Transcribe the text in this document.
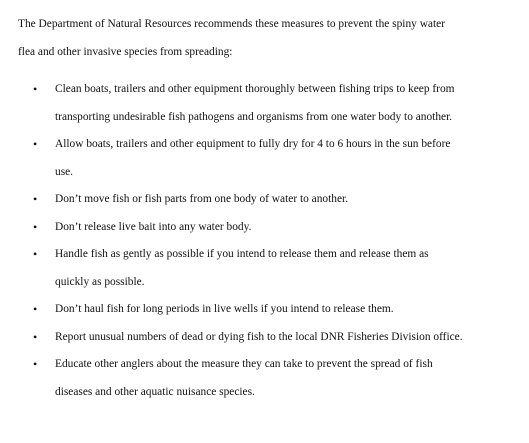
The Department of Natural Resources recommends these measures to prevent the spiny water
flea and other invasive species from spreading:

• Clean boats, trailers and other equipment thoroughly between fishing trips to keep from
transporting undesirable fish pathogens and organisms from one water body to another.
• Allow boats, trailers and other equipment to fully dry for 4 to 6 hours in the sun before
use.
• Don’t move fish or fish parts from one body of water to another.
• Don’t release live bait into any water body.
• Handle fish as gently as possible if you intend to release them and release them as
quickly as possible.
• Don’t haul fish for long periods in live wells if you intend to release them.
• Report unusual numbers of dead or dying fish to the local DNR Fisheries Division office.
• Educate other anglers about the measure they can take to prevent the spread of fish
diseases and other aquatic nuisance species.
